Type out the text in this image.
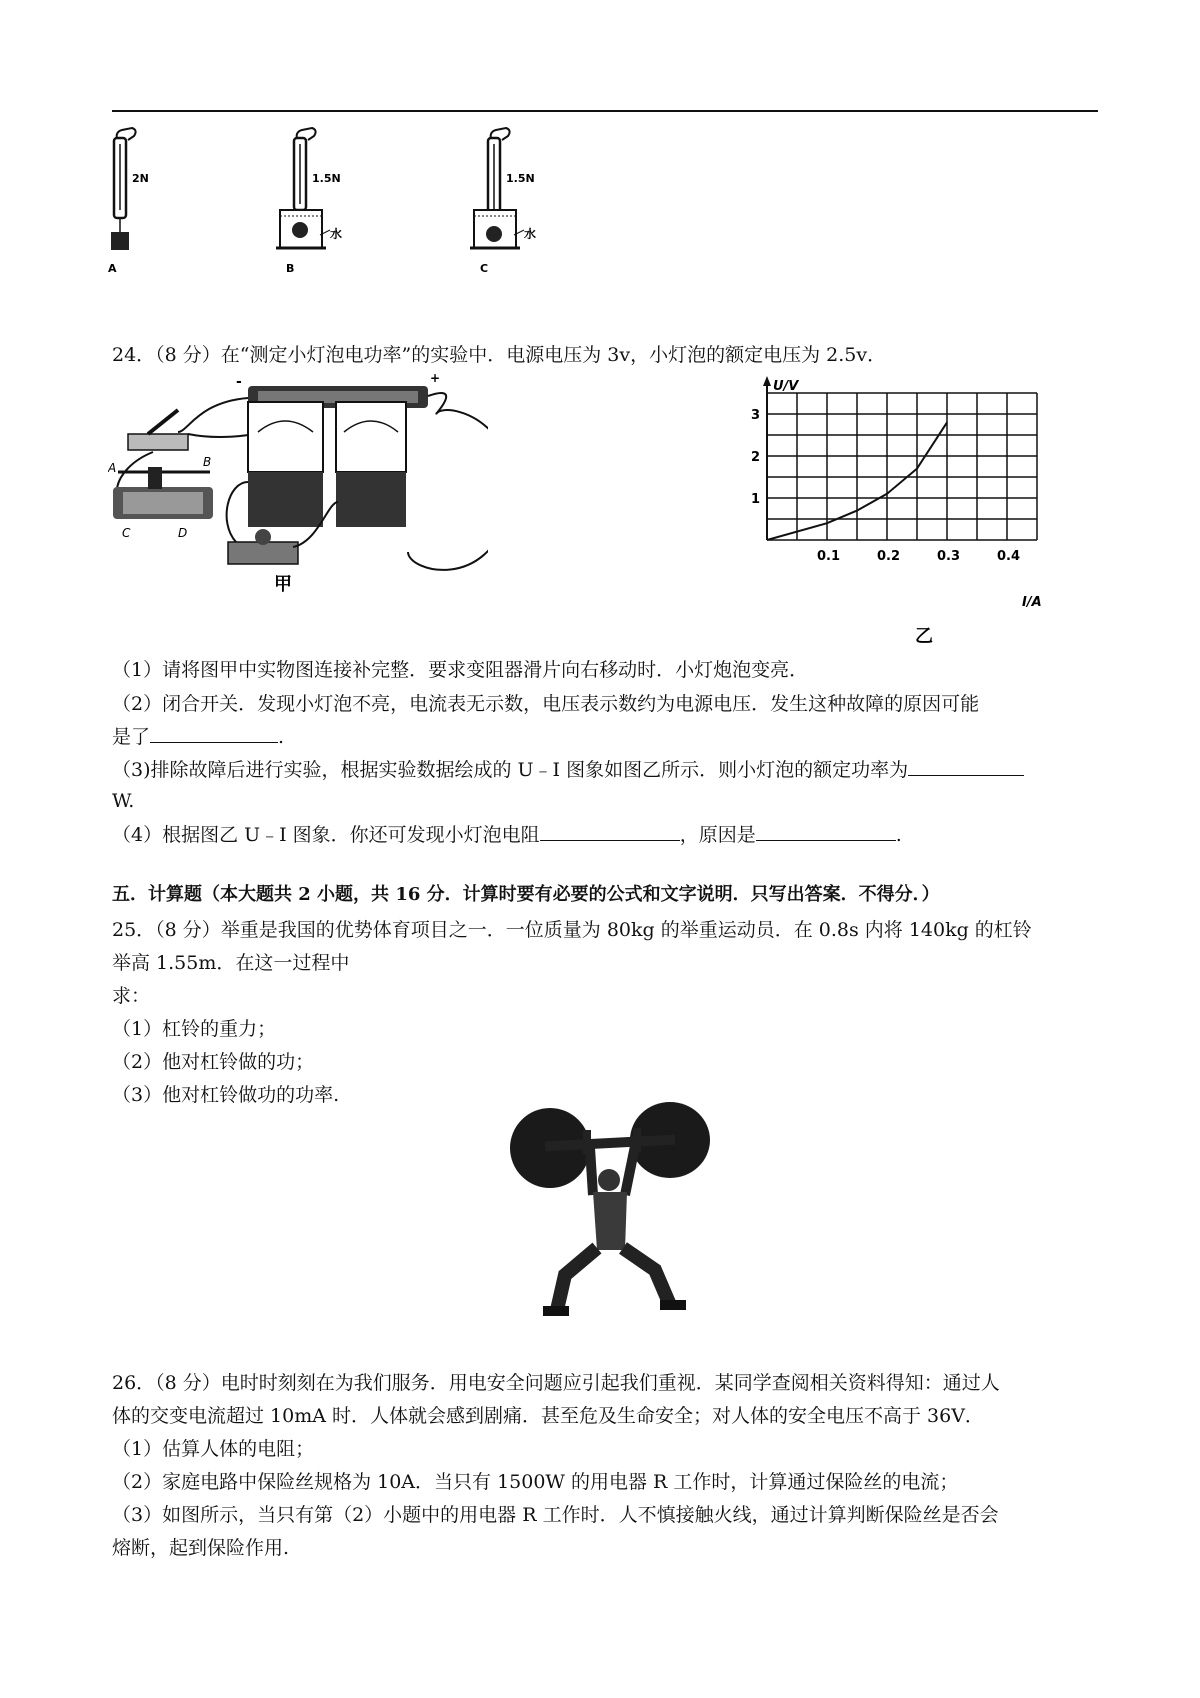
2N
A
1.5N
水
B
1.5N
水
C
24．（8 分）在“测定小灯泡电功率”的实验中．电源电压为 3v，小灯泡的额定电压为 2.5v．
-	+
A	B
C	D
甲
0.1	0.2	0.3	0.4
1
2
3
U/V
I/A
乙
（1）请将图甲中实物图连接补完整．要求变阻器滑片向右移动时．小灯炮泡变亮．
（2）闭合开关．发现小灯泡不亮，电流表无示数，电压表示数约为电源电压．发生这种故障的原因可能
是了	.
（3)排除故障后进行实验，根据实验数据绘成的 U﹣I 图象如图乙所示．则小灯泡的额定功率为
W.
（4）根据图乙 U﹣I 图象．你还可发现小灯泡电阻	，原因是	.
五．计算题（本大题共 2 小题，共 16 分．计算时要有必要的公式和文字说明．只写出答案．不得分．）
25．（8 分）举重是我国的优势体育项目之一．一位质量为 80kg 的举重运动员．在 0.8s 内将 140kg 的杠铃
举高 1.55m．在这一过程中
求：
（1）杠铃的重力；
（2）他对杠铃做的功；
（3）他对杠铃做功的功率.
26．（8 分）电时时刻刻在为我们服务．用电安全问题应引起我们重视．某同学查阅相关资料得知：通过人
体的交变电流超过 10mA 时．人体就会感到剧痛．甚至危及生命安全；对人体的安全电压不高于 36V．
（1）估算人体的电阻；
（2）家庭电路中保险丝规格为 10A．当只有 1500W 的用电器 R 工作时，计算通过保险丝的电流；
（3）如图所示，当只有第（2）小题中的用电器 R 工作时．人不慎接触火线，通过计算判断保险丝是否会
熔断，起到保险作用.
